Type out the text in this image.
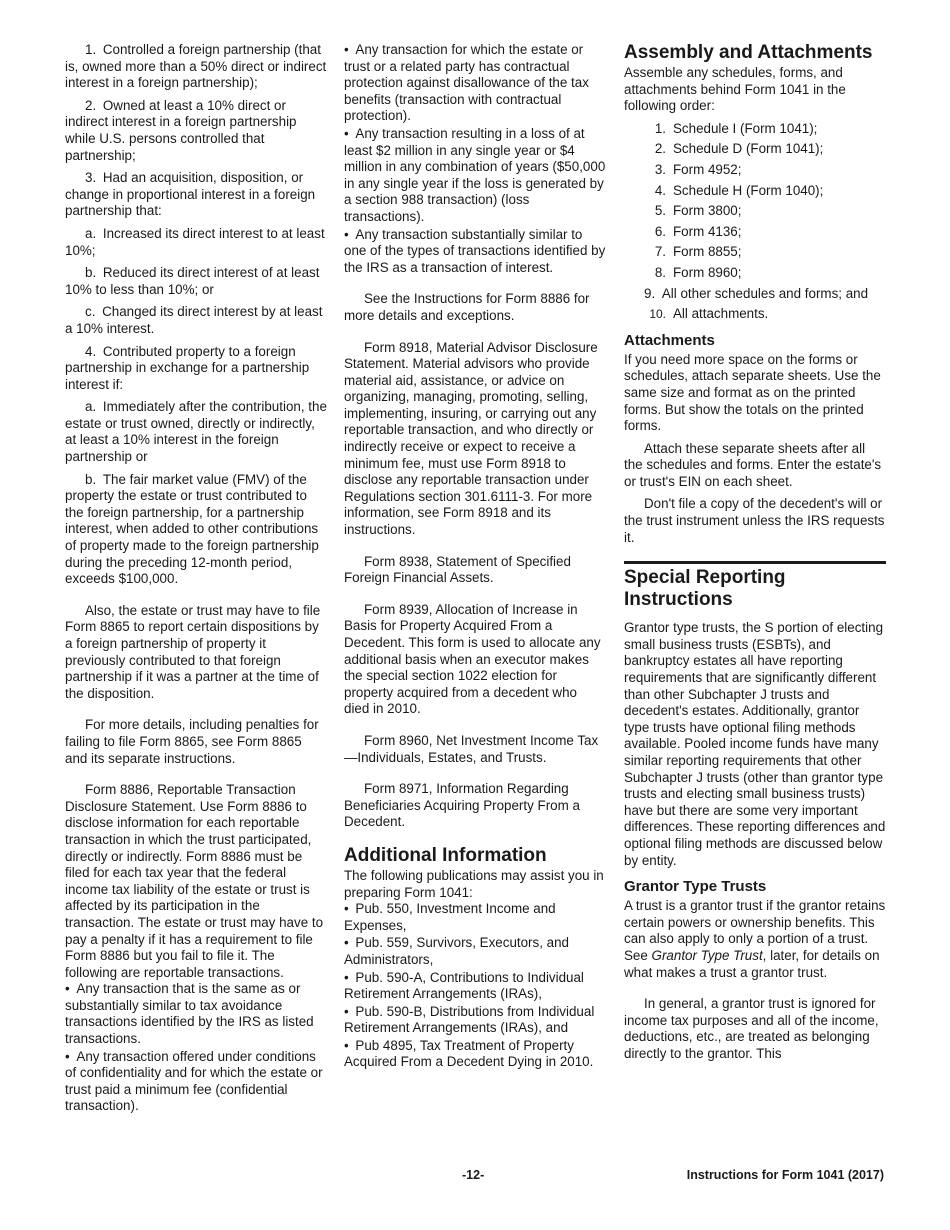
1. Controlled a foreign partnership (that is, owned more than a 50% direct or indirect interest in a foreign partnership);

2. Owned at least a 10% direct or indirect interest in a foreign partnership while U.S. persons controlled that partnership;

3. Had an acquisition, disposition, or change in proportional interest in a foreign partnership that:

a. Increased its direct interest to at least 10%;

b. Reduced its direct interest of at least 10% to less than 10%; or

c. Changed its direct interest by at least a 10% interest.

4. Contributed property to a foreign partnership in exchange for a partnership interest if:

a. Immediately after the contribution, the estate or trust owned, directly or indirectly, at least a 10% interest in the foreign partnership or

b. The fair market value (FMV) of the property the estate or trust contributed to the foreign partnership, for a partnership interest, when added to other contributions of property made to the foreign partnership during the preceding 12-month period, exceeds $100,000.

Also, the estate or trust may have to file Form 8865 to report certain dispositions by a foreign partnership of property it previously contributed to that foreign partnership if it was a partner at the time of the disposition.

For more details, including penalties for failing to file Form 8865, see Form 8865 and its separate instructions.

Form 8886, Reportable Transaction Disclosure Statement. Use Form 8886 to disclose information for each reportable transaction in which the trust participated, directly or indirectly. Form 8886 must be filed for each tax year that the federal income tax liability of the estate or trust is affected by its participation in the transaction. The estate or trust may have to pay a penalty if it has a requirement to file Form 8886 but you fail to file it. The following are reportable transactions.

• Any transaction that is the same as or substantially similar to tax avoidance transactions identified by the IRS as listed transactions.

• Any transaction offered under conditions of confidentiality and for which the estate or trust paid a minimum fee (confidential transaction).

• Any transaction for which the estate or trust or a related party has contractual protection against disallowance of the tax benefits (transaction with contractual protection).

• Any transaction resulting in a loss of at least $2 million in any single year or $4 million in any combination of years ($50,000 in any single year if the loss is generated by a section 988 transaction) (loss transactions).

• Any transaction substantially similar to one of the types of transactions identified by the IRS as a transaction of interest.

See the Instructions for Form 8886 for more details and exceptions.

Form 8918, Material Advisor Disclosure Statement. Material advisors who provide material aid, assistance, or advice on organizing, managing, promoting, selling, implementing, insuring, or carrying out any reportable transaction, and who directly or indirectly receive or expect to receive a minimum fee, must use Form 8918 to disclose any reportable transaction under Regulations section 301.6111-3. For more information, see Form 8918 and its instructions.

Form 8938, Statement of Specified Foreign Financial Assets.

Form 8939, Allocation of Increase in Basis for Property Acquired From a Decedent. This form is used to allocate any additional basis when an executor makes the special section 1022 election for property acquired from a decedent who died in 2010.

Form 8960, Net Investment Income Tax—Individuals, Estates, and Trusts.

Form 8971, Information Regarding Beneficiaries Acquiring Property From a Decedent.

Additional Information

The following publications may assist you in preparing Form 1041:

• Pub. 550, Investment Income and Expenses,

• Pub. 559, Survivors, Executors, and Administrators,

• Pub. 590-A, Contributions to Individual Retirement Arrangements (IRAs),

• Pub. 590-B, Distributions from Individual Retirement Arrangements (IRAs), and

• Pub 4895, Tax Treatment of Property Acquired From a Decedent Dying in 2010.

Assembly and Attachments

Assemble any schedules, forms, and attachments behind Form 1041 in the following order:

1. Schedule I (Form 1041);
2. Schedule D (Form 1041);
3. Form 4952;
4. Schedule H (Form 1040);
5. Form 3800;
6. Form 4136;
7. Form 8855;
8. Form 8960;
9.  All other schedules and forms; and
10. All attachments.
Attachments

If you need more space on the forms or schedules, attach separate sheets. Use the same size and format as on the printed forms. But show the totals on the printed forms.

Attach these separate sheets after all the schedules and forms. Enter the estate's or trust's EIN on each sheet.

Don't file a copy of the decedent's will or the trust instrument unless the IRS requests it.

Special Reporting Instructions

Grantor type trusts, the S portion of electing small business trusts (ESBTs), and bankruptcy estates all have reporting requirements that are significantly different than other Subchapter J trusts and decedent's estates. Additionally, grantor type trusts have optional filing methods available. Pooled income funds have many similar reporting requirements that other Subchapter J trusts (other than grantor type trusts and electing small business trusts) have but there are some very important differences. These reporting differences and optional filing methods are discussed below by entity.

Grantor Type Trusts

A trust is a grantor trust if the grantor retains certain powers or ownership benefits. This can also apply to only a portion of a trust. See Grantor Type Trust, later, for details on what makes a trust a grantor trust.

In general, a grantor trust is ignored for income tax purposes and all of the income, deductions, etc., are treated as belonging directly to the grantor. This

-12-	Instructions for Form 1041 (2017)
